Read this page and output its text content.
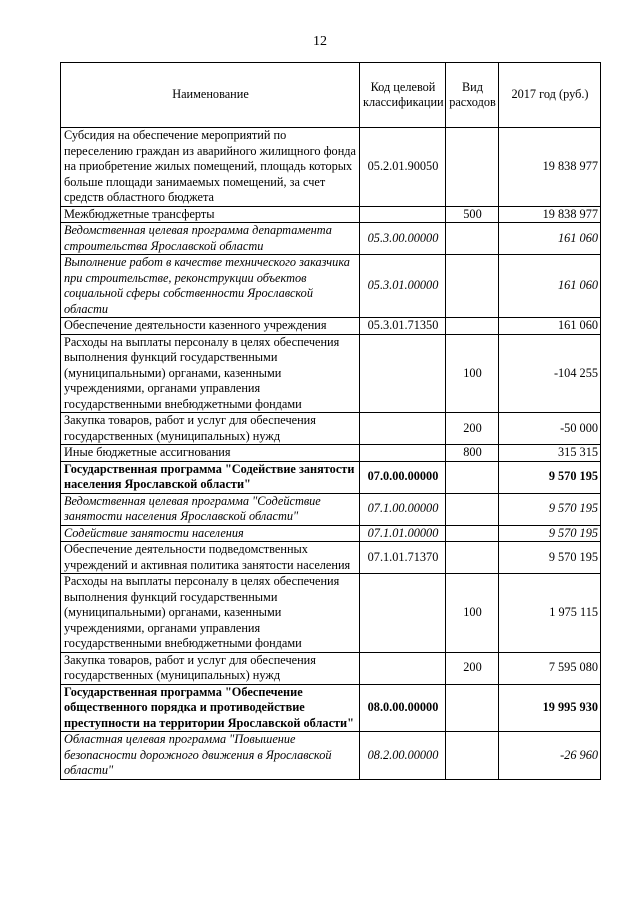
12
Наименование	Код целевой классификации	Вид расходов	2017 год (руб.)
Субсидия на обеспечение мероприятий по переселению граждан из аварийного жилищного фонда на приобретение жилых помещений, площадь которых больше площади занимаемых помещений, за счет средств областного бюджета	05.2.01.90050		19 838 977
Межбюджетные трансферты		500	19 838 977
Ведомственная целевая программа департамента строительства Ярославской области	05.3.00.00000		161 060
Выполнение работ в качестве технического заказчика при строительстве, реконструкции объектов социальной сферы собственности Ярославской области	05.3.01.00000		161 060
Обеспечение деятельности казенного учреждения	05.3.01.71350		161 060
Расходы на выплаты персоналу в целях обеспечения выполнения функций государственными (муниципальными) органами, казенными учреждениями, органами управления государственными внебюджетными фондами		100	-104 255
Закупка товаров, работ и услуг для обеспечения государственных (муниципальных) нужд		200	-50 000
Иные бюджетные ассигнования		800	315 315
Государственная программа "Содействие занятости населения Ярославской области"	07.0.00.00000		9 570 195
Ведомственная целевая программа "Содействие занятости населения Ярославской области"	07.1.00.00000		9 570 195
Содействие занятости населения	07.1.01.00000		9 570 195
Обеспечение деятельности подведомственных учреждений и активная политика занятости населения	07.1.01.71370		9 570 195
Расходы на выплаты персоналу в целях обеспечения выполнения функций государственными (муниципальными) органами, казенными учреждениями, органами управления государственными внебюджетными фондами		100	1 975 115
Закупка товаров, работ и услуг для обеспечения государственных (муниципальных) нужд		200	7 595 080
Государственная программа "Обеспечение общественного порядка и противодействие преступности на территории Ярославской области"	08.0.00.00000		19 995 930
Областная целевая программа "Повышение безопасности дорожного движения в Ярославской области"	08.2.00.00000		-26 960
